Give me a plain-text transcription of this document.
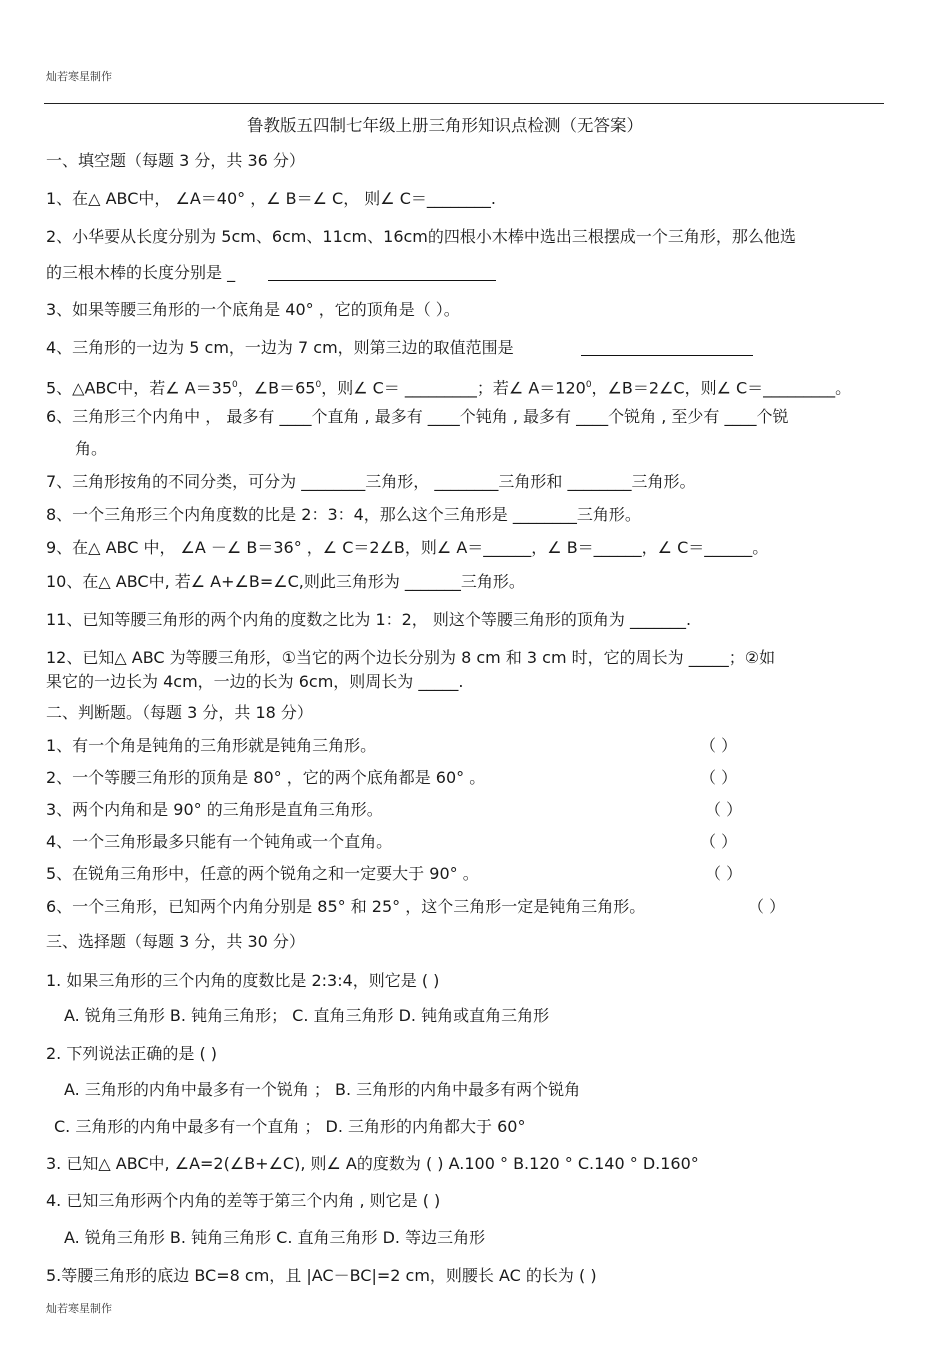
灿若寒星制作
鲁教版五四制七年级上册三角形知识点检测（无答案）
一、填空题（每题 3 分，共 36 分）
1、在△ ABC中， ∠A＝40° ，∠ B＝∠ C， 则∠ C＝________.
2、小华要从长度分别为 5cm、6cm、11cm、16cm的四根小木棒中选出三根摆成一个三角形，那么他选
的三根木棒的长度分别是 _
3、如果等腰三角形的一个底角是 40° ，它的顶角是（ ）。
4、三角形的一边为 5 cm，一边为 7 cm，则第三边的取值范围是
5、△ABC中，若∠ $A=35^0$，$\angle B=65^0$，则∠ C＝ _________；若∠ $A=120^0$，∠B＝2∠C，则∠ C＝_________。
6、三角形三个内角中 ， 最多有 ____个直角 , 最多有 ____个钝角 , 最多有 ____个锐角 , 至少有 ____个锐
角。
7、三角形按角的不同分类，可分为 ________三角形， ________三角形和 ________三角形。
8、一个三角形三个内角度数的比是 2：3：4，那么这个三角形是 ________三角形。
9、在△ ABC 中， ∠A －∠ B＝36° ，∠ C＝2∠B，则∠ A＝______，∠ B＝______，∠ C＝______。
10、在△ ABC中, 若∠ A+∠B=∠C,则此三角形为 _______三角形。
11、已知等腰三角形的两个内角的度数之比为 1：2， 则这个等腰三角形的顶角为 _______.
12、已知△ ABC 为等腰三角形，①当它的两个边长分别为 8 cm 和 3 cm 时，它的周长为 _____；②如
果它的一边长为 4cm，一边的长为 6cm，则周长为 _____.
二、判断题。（每题 3 分，共 18 分）
1、有一个角是钝角的三角形就是钝角三角形。	（ ）
2、一个等腰三角形的顶角是 80° ，它的两个底角都是 60° 。	（ ）
3、两个内角和是 90° 的三角形是直角三角形。	（ ）
4、一个三角形最多只能有一个钝角或一个直角。	（ ）
5、在锐角三角形中，任意的两个锐角之和一定要大于 90° 。	（ ）
6、一个三角形，已知两个内角分别是 85° 和 25° ，这个三角形一定是钝角三角形。	（ ）
三、选择题（每题 3 分，共 30 分）
1. 如果三角形的三个内角的度数比是 2:3:4，则它是 ( )
A. 锐角三角形 B. 钝角三角形； C. 直角三角形 D. 钝角或直角三角形
2. 下列说法正确的是 ( )
A. 三角形的内角中最多有一个锐角 ； B. 三角形的内角中最多有两个锐角
C. 三角形的内角中最多有一个直角 ； D. 三角形的内角都大于 60°
3. 已知△ ABC中, ∠A=2(∠B+∠C), 则∠ A的度数为 ( ) A.100 ° B.120 ° C.140 ° D.160°
4. 已知三角形两个内角的差等于第三个内角 , 则它是 ( )
A. 锐角三角形 B. 钝角三角形 C. 直角三角形 D. 等边三角形
5.等腰三角形的底边 BC=8 cm，且 |AC－BC|=2 cm，则腰长 AC 的长为 ( )
灿若寒星制作
